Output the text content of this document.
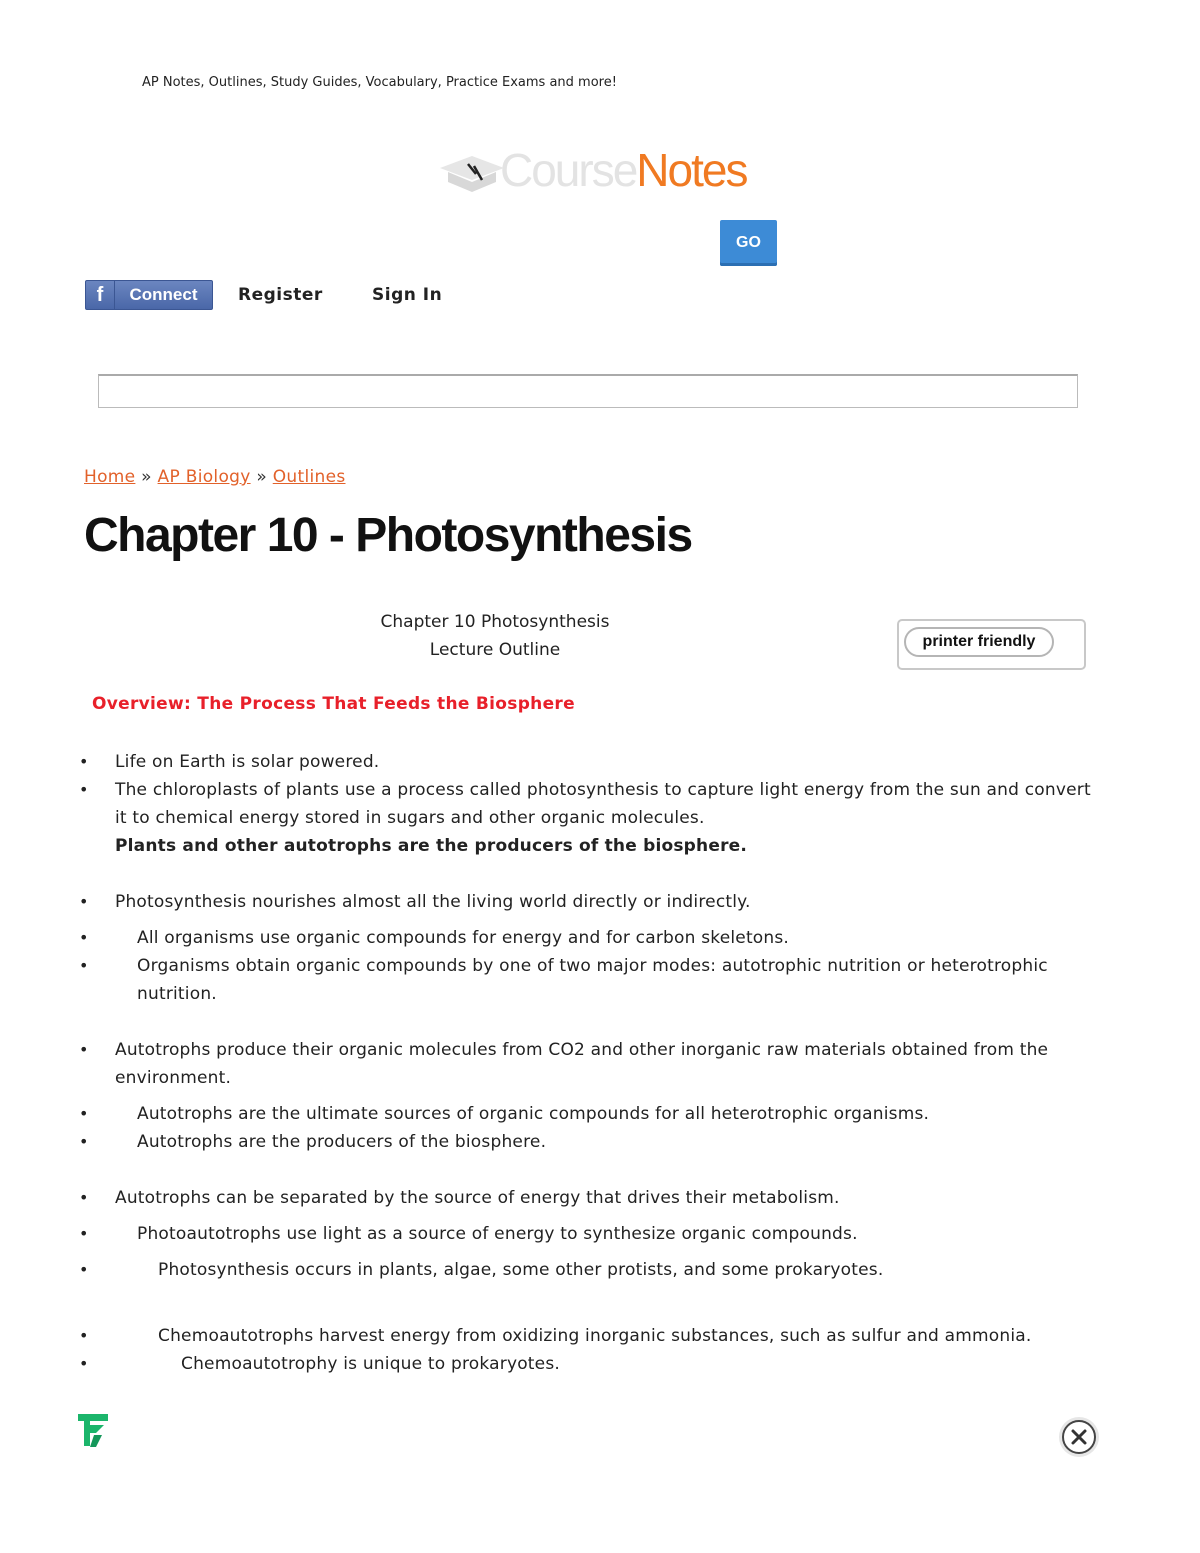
AP Notes, Outlines, Study Guides, Vocabulary, Practice Exams and more!
CourseNotes
GO
f	Connect	Register	Sign In
Home » AP Biology » Outlines
Chapter 10 - Photosynthesis
Chapter 10 Photosynthesis
Lecture Outline	printer friendly
Overview: The Process That Feeds the Biosphere
• Life on Earth is solar powered.
• The chloroplasts of plants use a process called photosynthesis to capture light energy from the sun and convert it to chemical energy stored in sugars and other organic molecules.
Plants and other autotrophs are the producers of the biosphere.
• Photosynthesis nourishes almost all the living world directly or indirectly.
• All organisms use organic compounds for energy and for carbon skeletons.
• Organisms obtain organic compounds by one of two major modes: autotrophic nutrition or heterotrophic nutrition.
• Autotrophs produce their organic molecules from CO2 and other inorganic raw materials obtained from the environment.
• Autotrophs are the ultimate sources of organic compounds for all heterotrophic organisms.
• Autotrophs are the producers of the biosphere.
• Autotrophs can be separated by the source of energy that drives their metabolism.
• Photoautotrophs use light as a source of energy to synthesize organic compounds.
• Photosynthesis occurs in plants, algae, some other protists, and some prokaryotes.
• Chemoautotrophs harvest energy from oxidizing inorganic substances, such as sulfur and ammonia.
• Chemoautotrophy is unique to prokaryotes.
